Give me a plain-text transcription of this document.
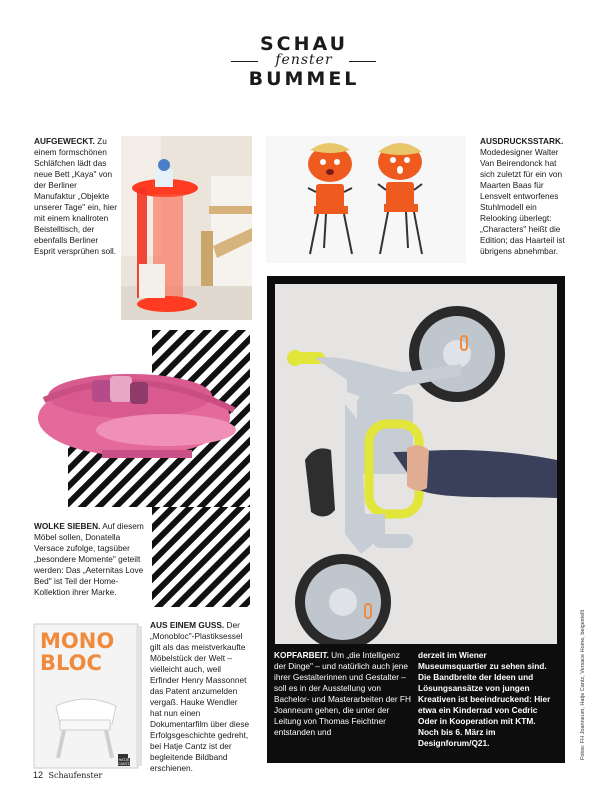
SCHAU
fenster
BUMMEL
AUFGEWECKT. Zu einem formschönen Schläfchen lädt das neue Bett „Kaya" von der Berliner Manufaktur „Objekte unserer Tage" ein, hier mit einem knallroten Beistelltisch, der ebenfalls Berliner Esprit versprühen soll.
AUSDRUCKSSTARK. Modedesigner Walter Van Beirendonck hat sich zuletzt für ein von Maarten Baas für Lensvelt entworfenes Stuhlmodell ein Relooking überlegt: „Characters" heißt die Edition; das Haarteil ist übrigens abnehmbar.
WOLKE SIEBEN. Auf diesem Möbel sollen, Donatella Versace zufolge, tagsüber „besondere Momente" geteilt werden: Das „Aeternitas Love Bed" ist Teil der Home-Kollektion ihrer Marke.
MONO
BLOC
HATJE CANTZ
AUS EINEM GUSS. Der „Monobloc"-Plastiksessel gilt als das meistverkaufte Möbelstück der Welt – vielleicht auch, weil Erfinder Henry Massonnet das Patent anzumelden vergaß. Hauke Wendler hat nun einen Dokumentarfilm über diese Erfolgsgeschichte gedreht, bei Hatje Cantz ist der begleitende Bildband erschienen.
KOPFARBEIT. Um „die Intelligenz der Dinge" – und natürlich auch jene ihrer Gestalterinnen und Gestalter – soll es in der Ausstellung von Bachelor- und Masterarbeiten der FH Joanneum gehen, die unter der Leitung von Thomas Feichtner entstanden und
derzeit im Wiener Museumsquartier zu sehen sind. Die Bandbreite der Ideen und Lösungsansätze von jungen Kreativen ist beeindruckend: Hier etwa ein Kinderrad von Cedric Oder in Kooperation mit KTM. Noch bis 6. März im Designforum/Q21.	Fotos: FH Joanneum, Hatje Cantz, Versace Home, beigestellt
12 Schaufenster
